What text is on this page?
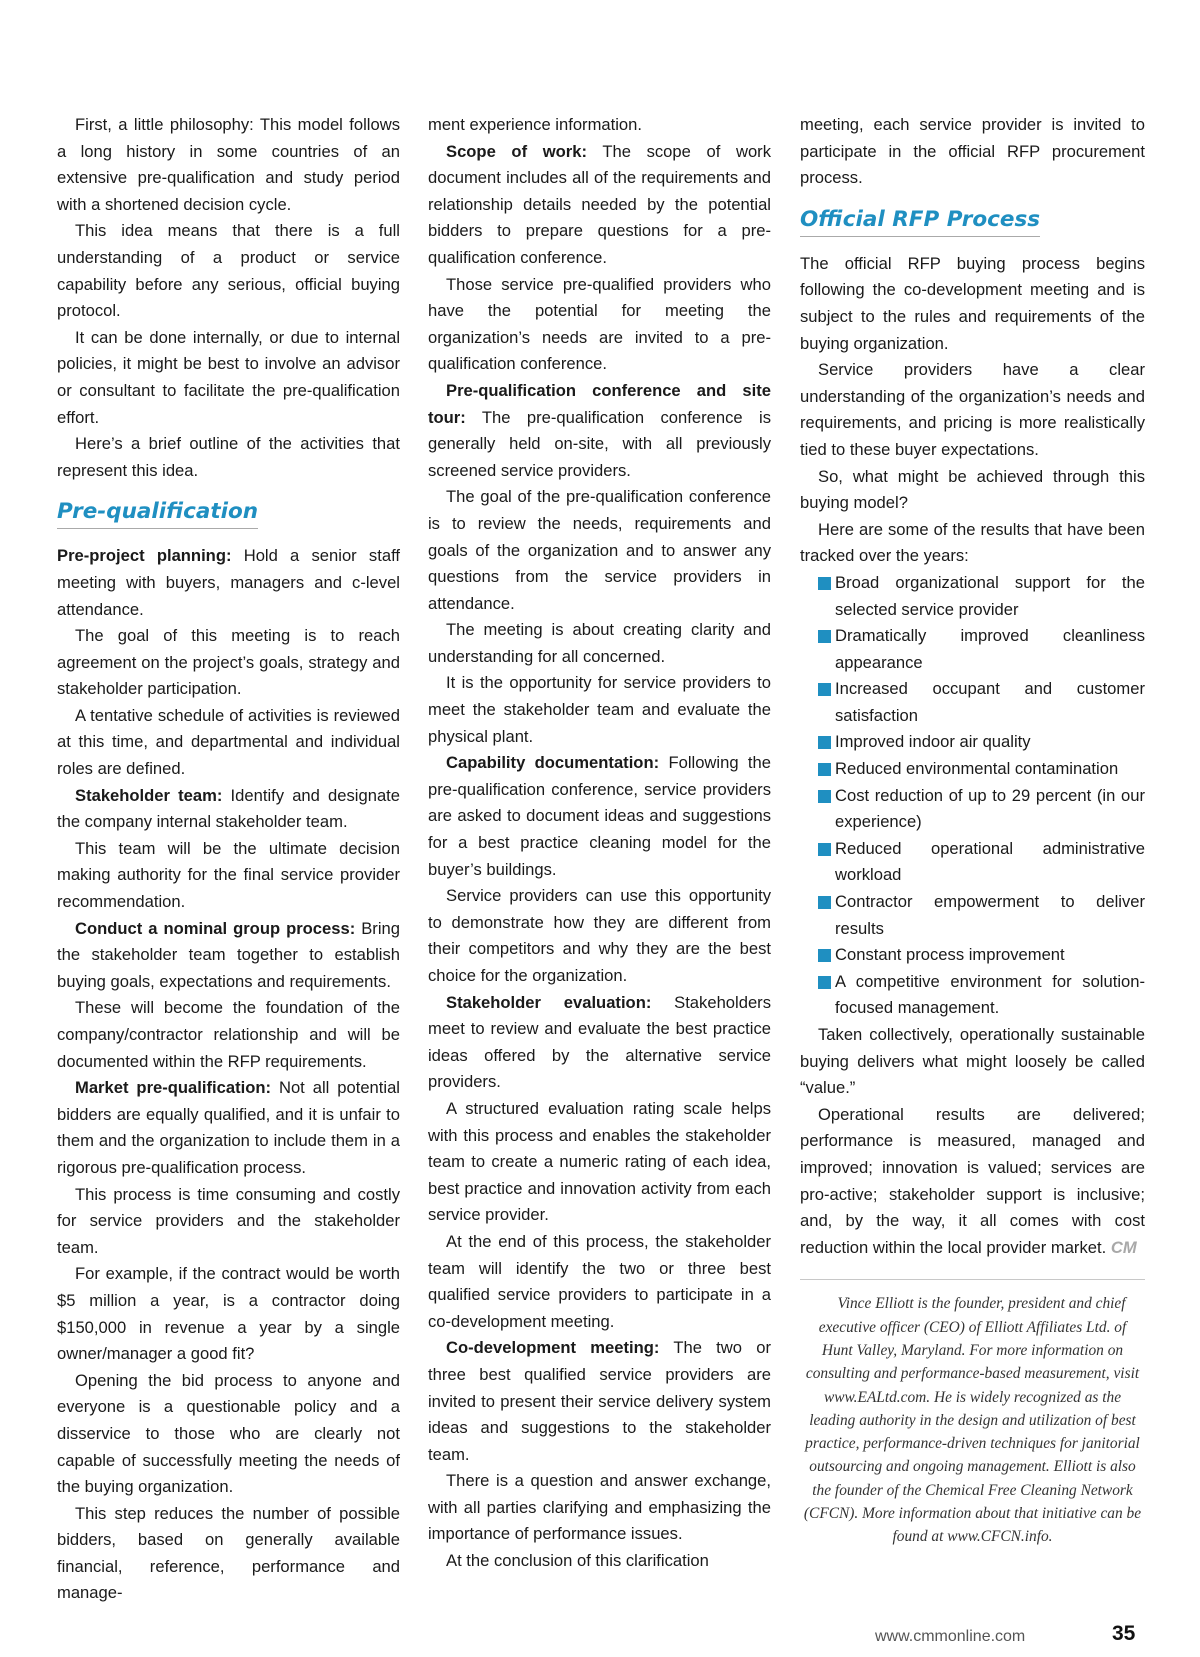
First, a little philosophy: This model follows a long history in some countries of an extensive pre-qualification and study period with a shortened decision cycle.

This idea means that there is a full understanding of a product or service capability before any serious, official buying protocol.

It can be done internally, or due to internal policies, it might be best to involve an advisor or consultant to facilitate the pre-qualification effort.

Here’s a brief outline of the activities that represent this idea.

Pre-qualification

Pre-project planning: Hold a senior staff meeting with buyers, managers and c-level attendance.

The goal of this meeting is to reach agreement on the project’s goals, strategy and stakeholder participation.

A tentative schedule of activities is reviewed at this time, and departmental and individual roles are defined.

Stakeholder team: Identify and designate the company internal stakeholder team.

This team will be the ultimate decision making authority for the final service provider recommendation.

Conduct a nominal group process: Bring the stakeholder team together to establish buying goals, expectations and requirements.

These will become the foundation of the company/contractor relationship and will be documented within the RFP requirements.

Market pre-qualification: Not all potential bidders are equally qualified, and it is unfair to them and the organization to include them in a rigorous pre-qualification process.

This process is time consuming and costly for service providers and the stakeholder team.

For example, if the contract would be worth $5 million a year, is a contractor doing $150,000 in revenue a year by a single owner/manager a good fit?

Opening the bid process to anyone and everyone is a questionable policy and a disservice to those who are clearly not capable of successfully meeting the needs of the buying organization.

This step reduces the number of possible bidders, based on generally available financial, reference, performance and manage-

ment experience information.

Scope of work: The scope of work document includes all of the requirements and relationship details needed by the potential bidders to prepare questions for a pre-qualification conference.

Those service pre-qualified providers who have the potential for meeting the organization’s needs are invited to a pre-qualification conference.

Pre-qualification conference and site tour: The pre-qualification conference is generally held on-site, with all previously screened service providers.

The goal of the pre-qualification conference is to review the needs, requirements and goals of the organization and to answer any questions from the service providers in attendance.

The meeting is about creating clarity and understanding for all concerned.

It is the opportunity for service providers to meet the stakeholder team and evaluate the physical plant.

Capability documentation: Following the pre-qualification conference, service providers are asked to document ideas and suggestions for a best practice cleaning model for the buyer’s buildings.

Service providers can use this opportunity to demonstrate how they are different from their competitors and why they are the best choice for the organization.

Stakeholder evaluation: Stakeholders meet to review and evaluate the best practice ideas offered by the alternative service providers.

A structured evaluation rating scale helps with this process and enables the stakeholder team to create a numeric rating of each idea, best practice and innovation activity from each service provider.

At the end of this process, the stakeholder team will identify the two or three best qualified service providers to participate in a co-development meeting.

Co-development meeting: The two or three best qualified service providers are invited to present their service delivery system ideas and suggestions to the stakeholder team.

There is a question and answer exchange, with all parties clarifying and emphasizing the importance of performance issues.

At the conclusion of this clarification

meeting, each service provider is invited to participate in the official RFP procurement process.

Official RFP Process

The official RFP buying process begins following the co-development meeting and is subject to the rules and requirements of the buying organization.

Service providers have a clear understanding of the organization’s needs and requirements, and pricing is more realistically tied to these buyer expectations.

So, what might be achieved through this buying model?

Here are some of the results that have been tracked over the years:

Broad organizational support for the selected service provider
Dramatically improved cleanliness appearance
Increased occupant and customer satisfaction
Improved indoor air quality
Reduced environmental contamination
Cost reduction of up to 29 percent (in our experience)
Reduced operational administrative workload
Contractor empowerment to deliver results
Constant process improvement
A competitive environment for solution-focused management.

Taken collectively, operationally sustainable buying delivers what might loosely be called “value.”

Operational results are delivered; performance is measured, managed and improved; innovation is valued; services are pro-active; stakeholder support is inclusive; and, by the way, it all comes with cost reduction within the local provider market. CM

Vince Elliott is the founder, president and chief executive officer (CEO) of Elliott Affiliates Ltd. of Hunt Valley, Maryland. For more information on consulting and performance-based measurement, visit www.EALtd.com. He is widely recognized as the leading authority in the design and utilization of best practice, performance-driven techniques for janitorial outsourcing and ongoing management. Elliott is also the founder of the Chemical Free Cleaning Network (CFCN). More information about that initiative can be found at www.CFCN.info.

www.cmmonline.com	35
